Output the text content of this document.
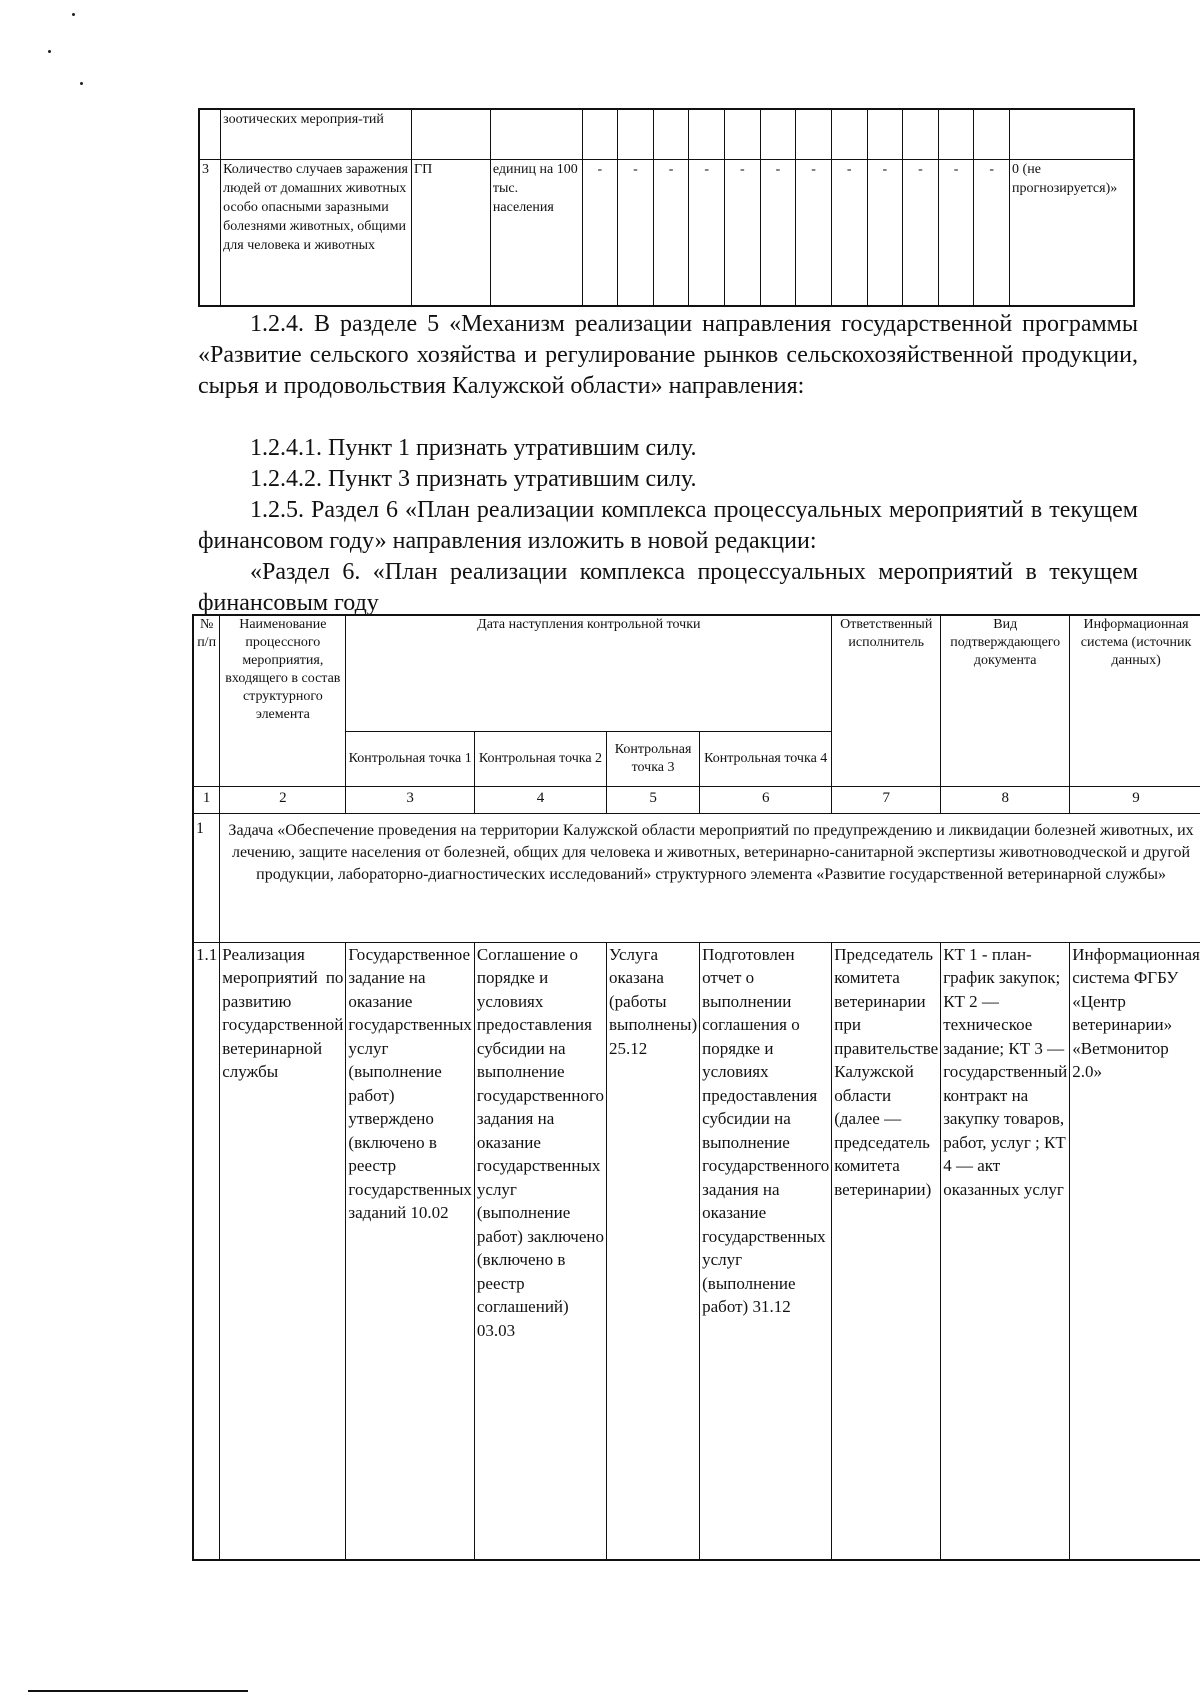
	зоотических мероприя-тий															
3	Количество случаев заражения людей от домашних животных особо опасными заразными болезнями животных, общими для человека и животных	ГП	единиц на 100 тыс. населения	-	-	-	-	-	-	-	-	-	-	-	-	0 (не прогнозируется)»

1.2.4. В разделе 5 «Механизм реализации направления государственной программы «Развитие сельского хозяйства и регулирование рынков сельскохозяйственной продукции, сырья и продовольствия Калужской области» направления:

1.2.4.1. Пункт 1 признать утратившим силу.

1.2.4.2. Пункт 3 признать утратившим силу.

1.2.5. Раздел 6 «План реализации комплекса процессуальных мероприятий в текущем финансовом году» направления изложить в новой редакции:

«Раздел 6. «План реализации комплекса процессуальных мероприятий в текущем финансовым году

№ п/п	Наименование процессного мероприятия, входящего в состав структурного элемента	Дата наступления контрольной точки				Ответственный исполнитель	Вид подтверждающего документа	Информационная система (источник данных)
		Контрольная точка 1	Контрольная точка 2	Контрольная точка 3	Контрольная точка 4			
1	2	3	4	5	6	7	8	9
1	Задача «Обеспечение проведения на территории Калужской области мероприятий по предупреждению и ликвидации болезней животных, их лечению, защите населения от болезней, общих для человека и животных, ветеринарно-санитарной экспертизы животноводческой и другой продукции, лабораторно-диагностических исследований» структурного элемента «Развитие государственной ветеринарной службы»							
1.1	Реализация мероприятий по развитию государственной ветеринарной службы	Государственное задание на оказание государственных услуг (выполнение работ) утверждено (включено в реестр государственных заданий 10.02	Соглашение о порядке и условиях предоставления субсидии на выполнение государственного задания на оказание государственных услуг (выполнение работ) заключено (включено в реестр соглашений) 03.03	Услуга оказана (работы выполнены) 25.12	Подготовлен отчет о выполнении соглашения о порядке и условиях предоставления субсидии на выполнение государственного задания на оказание государственных услуг (выполнение работ) 31.12	Председатель комитета ветеринарии при правительстве Калужской области (далее — председатель комитета ветеринарии)	КТ 1 - план-график закупок; КТ 2 — техническое задание; КТ 3 — государственный контракт на закупку товаров, работ, услуг ; КТ 4 — акт оказанных услуг	Информационная система ФГБУ «Центр ветеринарии» «Ветмонитор 2.0»
